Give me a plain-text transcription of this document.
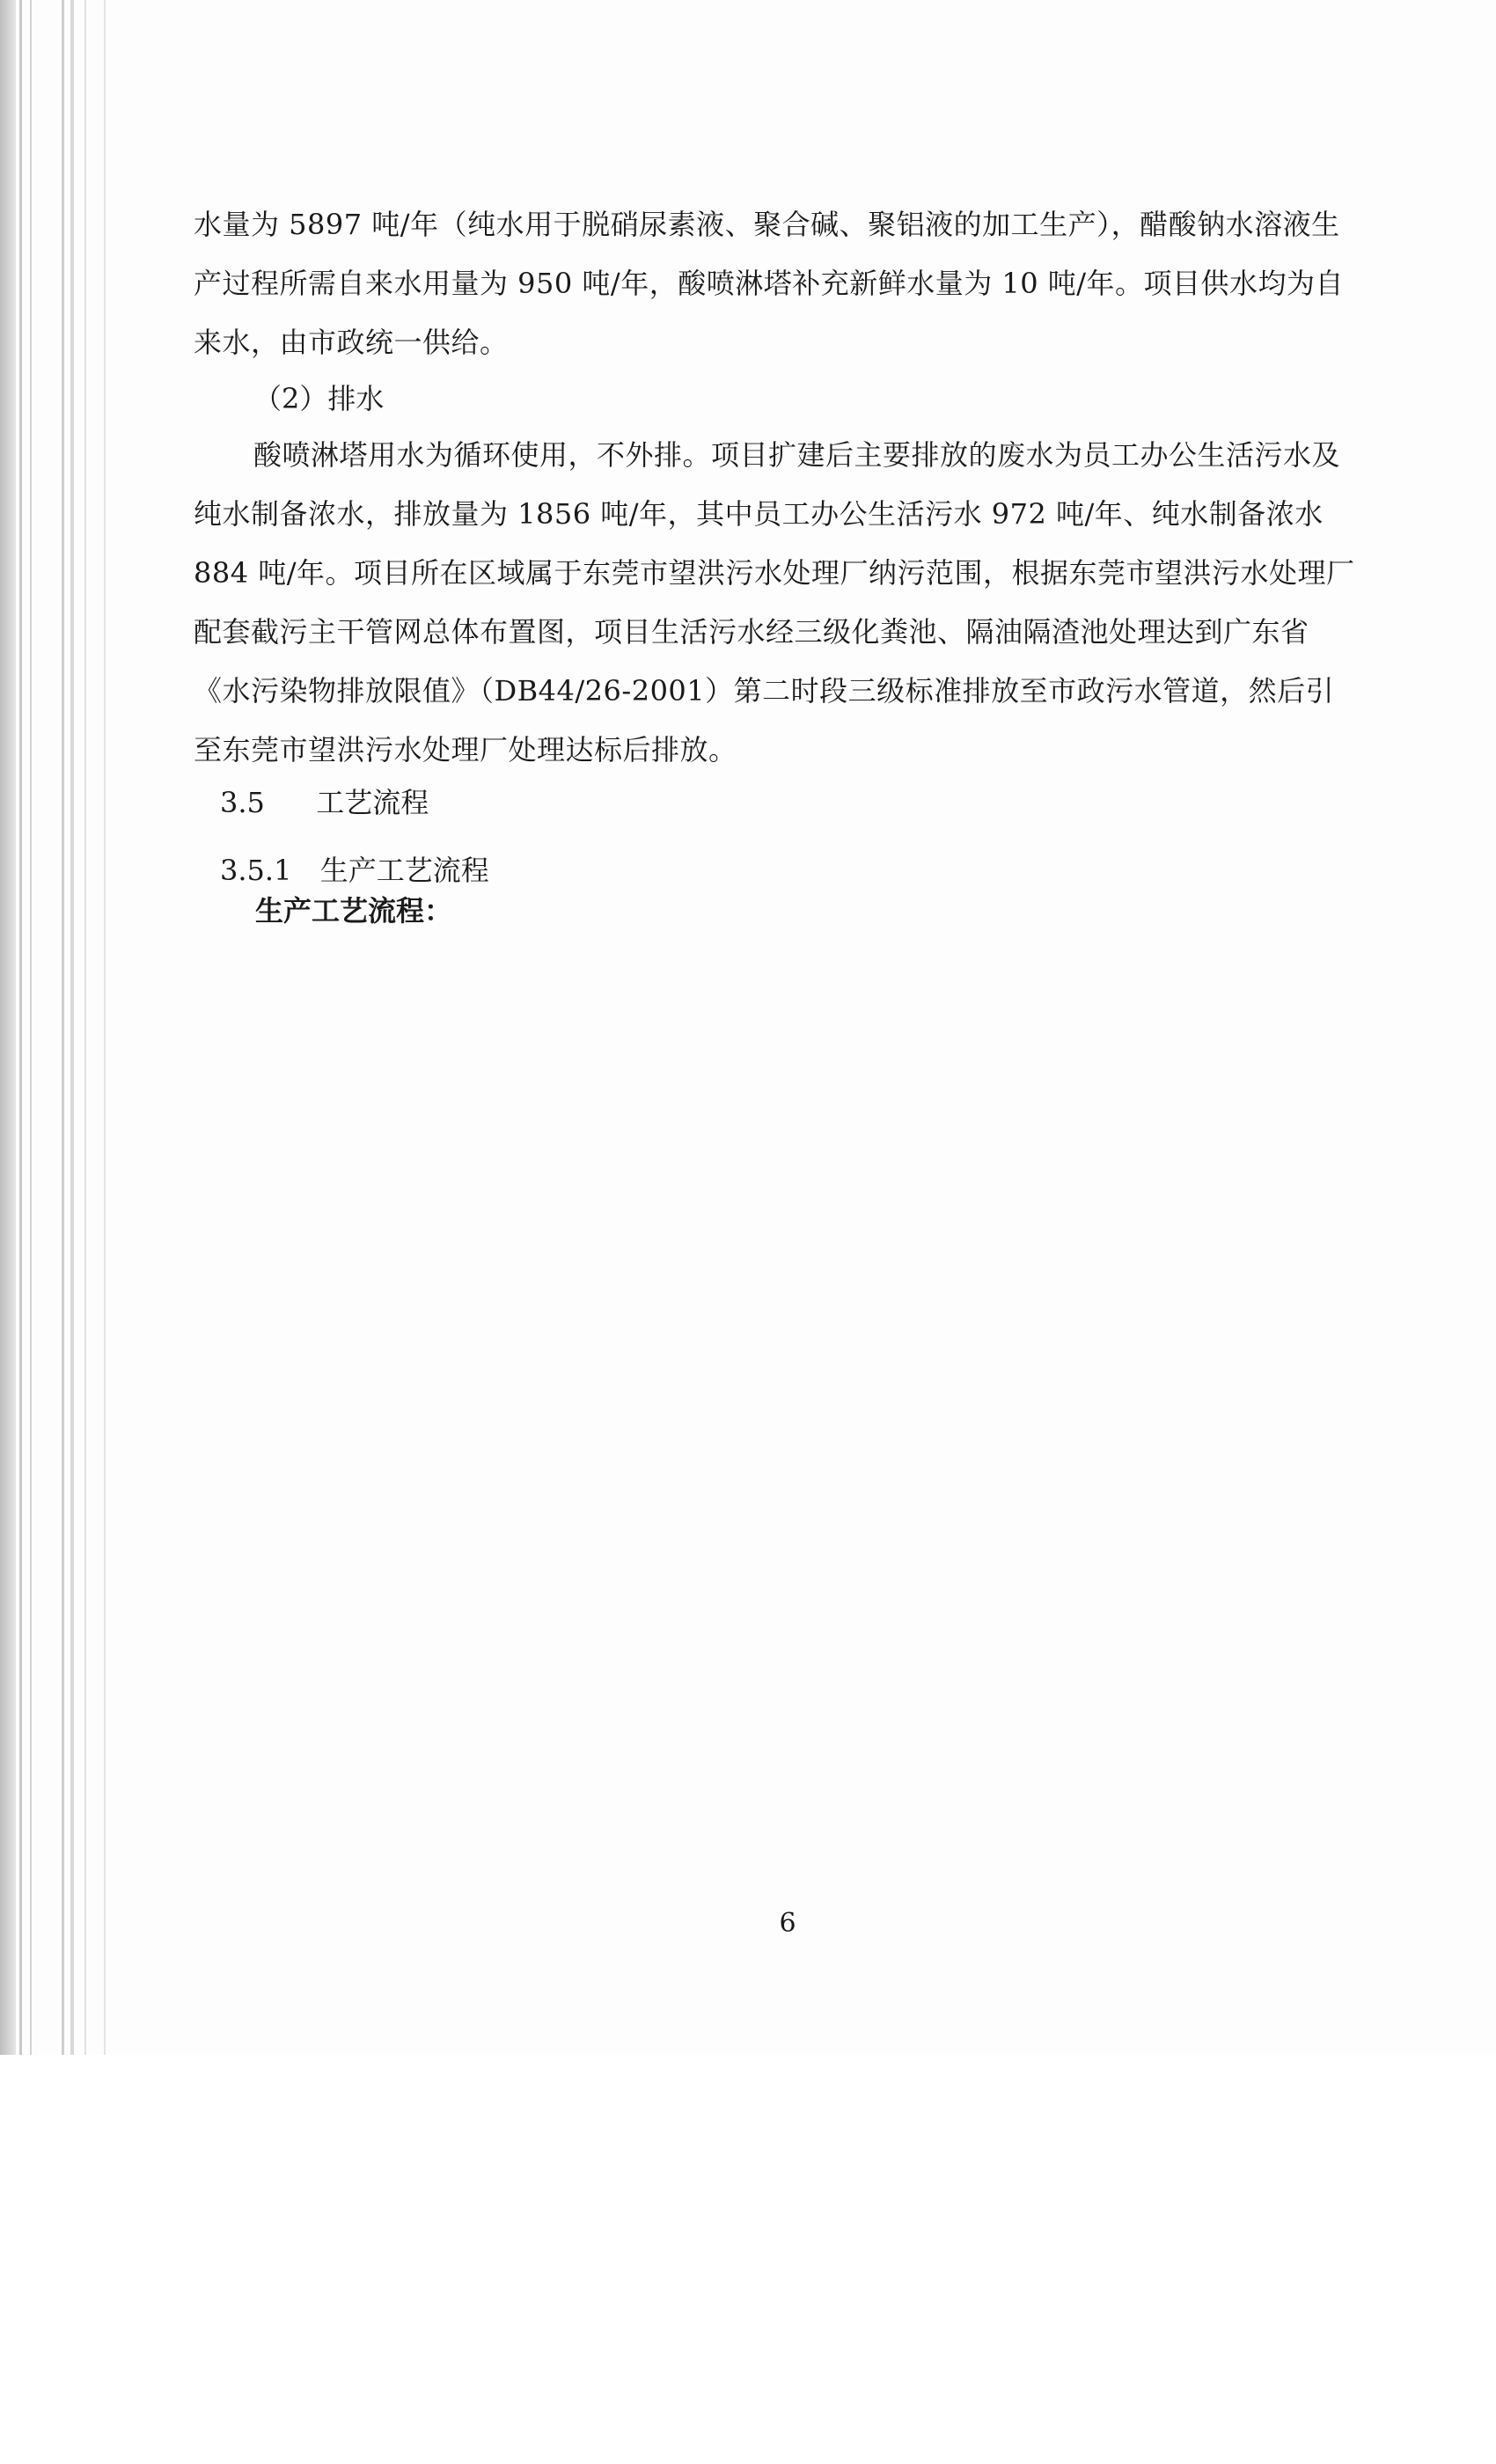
水量为 5897 吨/年（纯水用于脱硝尿素液、聚合碱、聚铝液的加工生产），醋酸钠水溶液生产过程所需自来水用量为 950 吨/年，酸喷淋塔补充新鲜水量为 10 吨/年。项目供水均为自来水，由市政统一供给。

（2）排水

酸喷淋塔用水为循环使用，不外排。项目扩建后主要排放的废水为员工办公生活污水及纯水制备浓水，排放量为 1856 吨/年，其中员工办公生活污水 972 吨/年、纯水制备浓水 884 吨/年。项目所在区域属于东莞市望洪污水处理厂纳污范围，根据东莞市望洪污水处理厂配套截污主干管网总体布置图，项目生活污水经三级化粪池、隔油隔渣池处理达到广东省《水污染物排放限值》（DB44/26-2001）第二时段三级标准排放至市政污水管道，然后引至东莞市望洪污水处理厂处理达标后排放。

3.5 工艺流程
3.5.1 生产工艺流程
生产工艺流程：
6
